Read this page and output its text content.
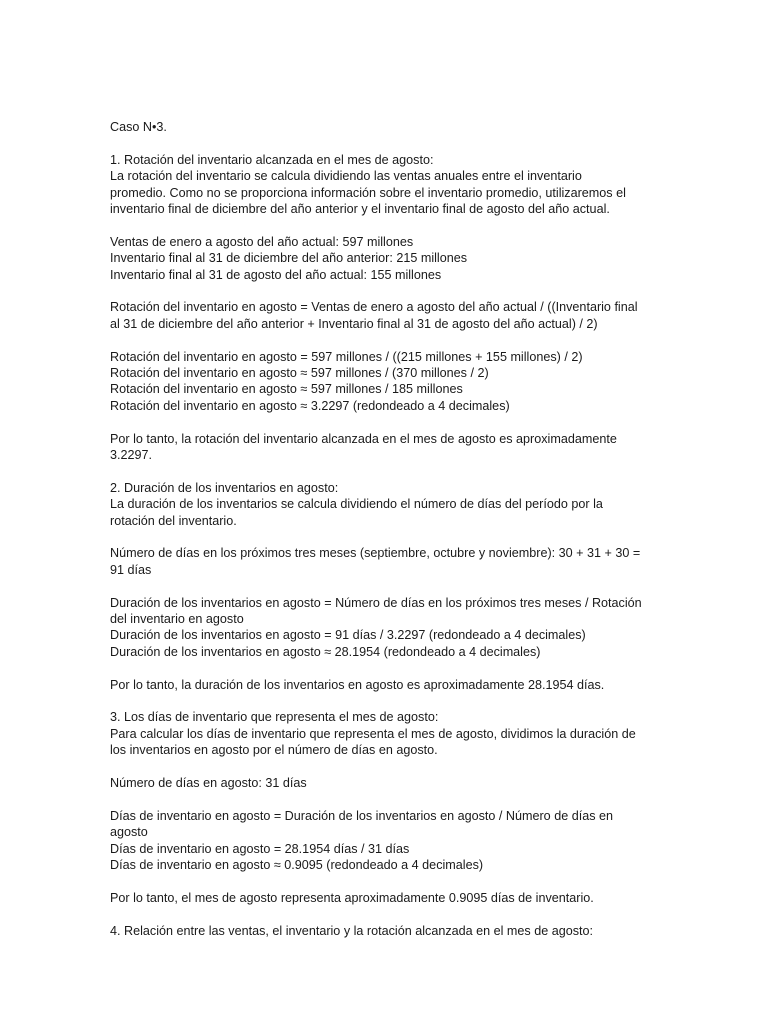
Caso N•3.

1. Rotación del inventario alcanzada en el mes de agosto:
La rotación del inventario se calcula dividiendo las ventas anuales entre el inventario
promedio. Como no se proporciona información sobre el inventario promedio, utilizaremos el
inventario final de diciembre del año anterior y el inventario final de agosto del año actual.

Ventas de enero a agosto del año actual: 597 millones
Inventario final al 31 de diciembre del año anterior: 215 millones
Inventario final al 31 de agosto del año actual: 155 millones

Rotación del inventario en agosto = Ventas de enero a agosto del año actual / ((Inventario final
al 31 de diciembre del año anterior + Inventario final al 31 de agosto del año actual) / 2)

Rotación del inventario en agosto = 597 millones / ((215 millones + 155 millones) / 2)
Rotación del inventario en agosto ≈ 597 millones / (370 millones / 2)
Rotación del inventario en agosto ≈ 597 millones / 185 millones
Rotación del inventario en agosto ≈ 3.2297 (redondeado a 4 decimales)

Por lo tanto, la rotación del inventario alcanzada en el mes de agosto es aproximadamente
3.2297.

2. Duración de los inventarios en agosto:
La duración de los inventarios se calcula dividiendo el número de días del período por la
rotación del inventario.

Número de días en los próximos tres meses (septiembre, octubre y noviembre): 30 + 31 + 30 =
91 días

Duración de los inventarios en agosto = Número de días en los próximos tres meses / Rotación
del inventario en agosto
Duración de los inventarios en agosto = 91 días / 3.2297 (redondeado a 4 decimales)
Duración de los inventarios en agosto ≈ 28.1954 (redondeado a 4 decimales)

Por lo tanto, la duración de los inventarios en agosto es aproximadamente 28.1954 días.

3. Los días de inventario que representa el mes de agosto:
Para calcular los días de inventario que representa el mes de agosto, dividimos la duración de
los inventarios en agosto por el número de días en agosto.

Número de días en agosto: 31 días

Días de inventario en agosto = Duración de los inventarios en agosto / Número de días en
agosto
Días de inventario en agosto = 28.1954 días / 31 días
Días de inventario en agosto ≈ 0.9095 (redondeado a 4 decimales)

Por lo tanto, el mes de agosto representa aproximadamente 0.9095 días de inventario.

4. Relación entre las ventas, el inventario y la rotación alcanzada en el mes de agosto:
